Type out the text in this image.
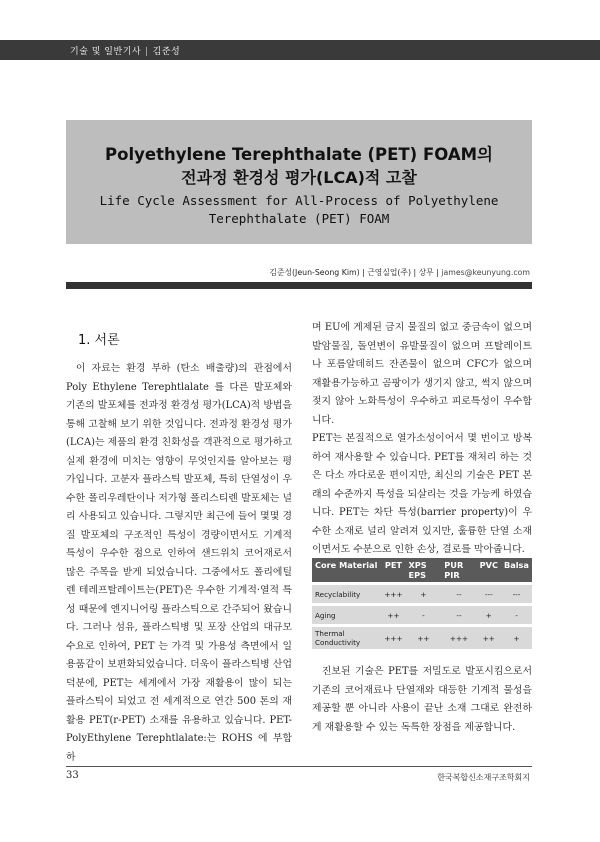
기술 및 일반기사 | 김준성
Polyethylene Terephthalate (PET) FOAM의
전과정 환경성 평가(LCA)적 고찰
Life Cycle Assessment for All-Process of Polyethylene
Terephthalate (PET) FOAM
김준성(Jeun-Seong Kim) | 근영실업(주) | 상무 | james@keunyung.com
1. 서론

이 자료는 환경 부하 (탄소 배출량)의 관점에서 Poly Ethylene Terephtlalate 를 다른 발포체와 기존의 발포체를 전과정 환경성 평가(LCA)적 방법을 통해 고찰해 보기 위한 것입니다. 전과정 환경성 평가(LCA)는 제품의 환경 친화성을 객관적으로 평가하고 실제 환경에 미치는 영향이 무엇인지를 알아보는 평가입니다. 고분자 플라스틱 발포체, 특히 단열성이 우수한 폴리우레탄이나 저가형 폴리스티렌 발포체는 널리 사용되고 있습니다. 그렇지만 최근에 들어 몇몇 경질 발포체의 구조적인 특성이 경량이면서도 기계적 특성이 우수한 점으로 인하여 샌드위치 코어재로서 많은 주목을 받게 되었습니다. 그중에서도 폴리에틸렌 테레프탈레이트는(PET)은 우수한 기계적·열적 특성 때문에 엔지니어링 플라스틱으로 간주되어 왔습니다. 그러나 섬유, 플라스틱병 및 포장 산업의 대규모 수요로 인하여, PET 는 가격 및 가용성 측면에서 일용품같이 보편화되었습니다. 더욱이 플라스틱병 산업 덕분에, PET는 세계에서 가장 재활용이 많이 되는 플라스틱이 되었고 전 세계적으로 연간 500 톤의 재활용 PET(r-PET) 소재를 유용하고 있습니다. PET-PolyEthylene Terephtlalate:는 ROHS 에 부합하

며 EU에 게제된 금지 물질의 없고 중금속이 없으며 발암물질, 돌연변이 유발물질이 없으며 프탈레이트나 포름알데히드 잔존물이 없으며 CFC가 없으며 재활용가능하고 곰팡이가 생기지 않고, 썩지 않으며 젖지 않아 노화특성이 우수하고 피로특성이 우수합니다.

PET는 본질적으로 열가소성이어서 몇 번이고 방복하여 재사용할 수 있습니다. PET를 재처리 하는 것은 다소 까다로운 편이지만, 최신의 기술은 PET 본래의 수준까지 특성을 되살리는 것을 가능케 하였습니다. PET는 차단 특성(barrier property)이 우수한 소재로 널리 알려져 있지만, 훌륭한 단열 소재이면서도 수분으로 인한 손상, 결로를 막아줍니다.

Core Material	PET	XPS EPS	PUR PIR	PVC	Balsa
Recyclability	+++	+	--	---	---
Aging	++	-	--	+	-
Thermal Conductivity	+++	++	+++	++	+

진보된 기술은 PET를 저밀도로 발포시킴으로서 기존의 코어재료나 단열재와 대등한 기계적 물성을 제공할 뿐 아니라 사용이 끝난 소재 그대로 완전하게 재활용할 수 있는 독특한 장점을 제공합니다.

33	한국복합신소재구조학회지
